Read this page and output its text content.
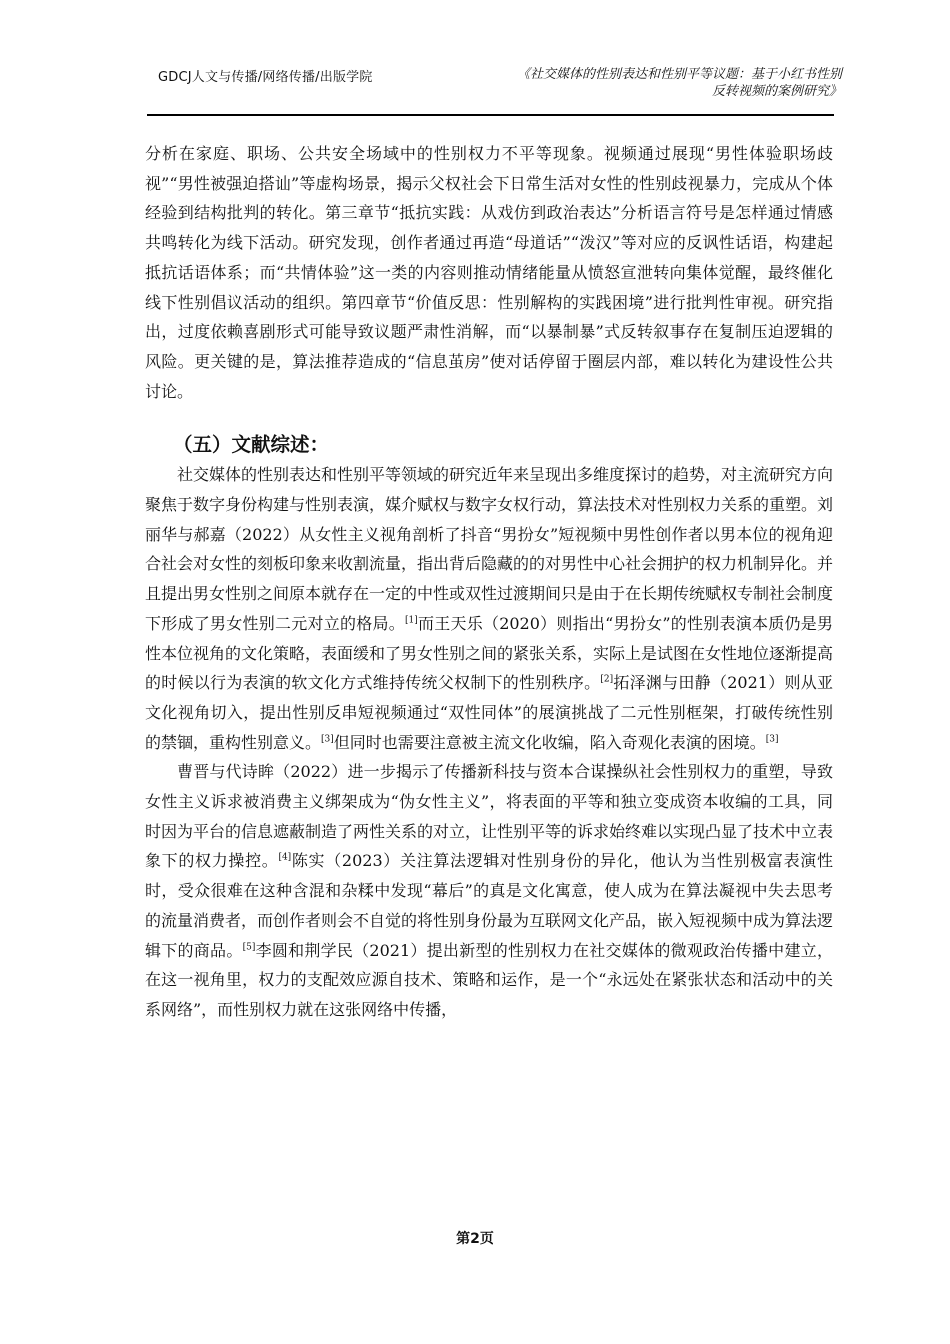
GDCJ人文与传播/网络传播/出版学院	《社交媒体的性别表达和性别平等议题：基于小红书性别反转视频的案例研究》

分析在家庭、职场、公共安全场域中的性别权力不平等现象。视频通过展现“男性体验职场歧视”“男性被强迫搭讪”等虚构场景，揭示父权社会下日常生活对女性的性别歧视暴力，完成从个体经验到结构批判的转化。第三章节“抵抗实践：从戏仿到政治表达”分析语言符号是怎样通过情感共鸣转化为线下活动。研究发现，创作者通过再造“母道话”“泼汉”等对应的反讽性话语，构建起抵抗话语体系；而“共情体验”这一类的内容则推动情绪能量从愤怒宣泄转向集体觉醒，最终催化线下性别倡议活动的组织。第四章节“价值反思：性别解构的实践困境”进行批判性审视。研究指出，过度依赖喜剧形式可能导致议题严肃性消解，而“以暴制暴”式反转叙事存在复制压迫逻辑的风险。更关键的是，算法推荐造成的“信息茧房”使对话停留于圈层内部，难以转化为建设性公共讨论。

（五）文献综述：

社交媒体的性别表达和性别平等领域的研究近年来呈现出多维度探讨的趋势，对主流研究方向聚焦于数字身份构建与性别表演，媒介赋权与数字女权行动，算法技术对性别权力关系的重塑。刘丽华与郝嘉（2022）从女性主义视角剖析了抖音“男扮女”短视频中男性创作者以男本位的视角迎合社会对女性的刻板印象来收割流量，指出背后隐藏的的对男性中心社会拥护的权力机制异化。并且提出男女性别之间原本就存在一定的中性或双性过渡期间只是由于在长期传统赋权专制社会制度下形成了男女性别二元对立的格局。[1]而王天乐（2020）则指出“男扮女”的性别表演本质仍是男性本位视角的文化策略，表面缓和了男女性别之间的紧张关系，实际上是试图在女性地位逐渐提高的时候以行为表演的软文化方式维持传统父权制下的性别秩序。[2]拓泽渊与田静（2021）则从亚文化视角切入，提出性别反串短视频通过“双性同体”的展演挑战了二元性别框架，打破传统性别的禁锢，重构性别意义。[3]但同时也需要注意被主流文化收编，陷入奇观化表演的困境。[3]

曹晋与代诗眸（2022）进一步揭示了传播新科技与资本合谋操纵社会性别权力的重塑，导致女性主义诉求被消费主义绑架成为“伪女性主义”，将表面的平等和独立变成资本收编的工具，同时因为平台的信息遮蔽制造了两性关系的对立，让性别平等的诉求始终难以实现凸显了技术中立表象下的权力操控。[4]陈实（2023）关注算法逻辑对性别身份的异化，他认为当性别极富表演性时，受众很难在这种含混和杂糅中发现“幕后”的真是文化寓意，使人成为在算法凝视中失去思考的流量消费者，而创作者则会不自觉的将性别身份最为互联网文化产品，嵌入短视频中成为算法逻辑下的商品。[5]李圆和荆学民（2021）提出新型的性别权力在社交媒体的微观政治传播中建立，在这一视角里，权力的支配效应源自技术、策略和运作，是一个“永远处在紧张状态和活动中的关系网络”，而性别权力就在这张网络中传播，

第2页
